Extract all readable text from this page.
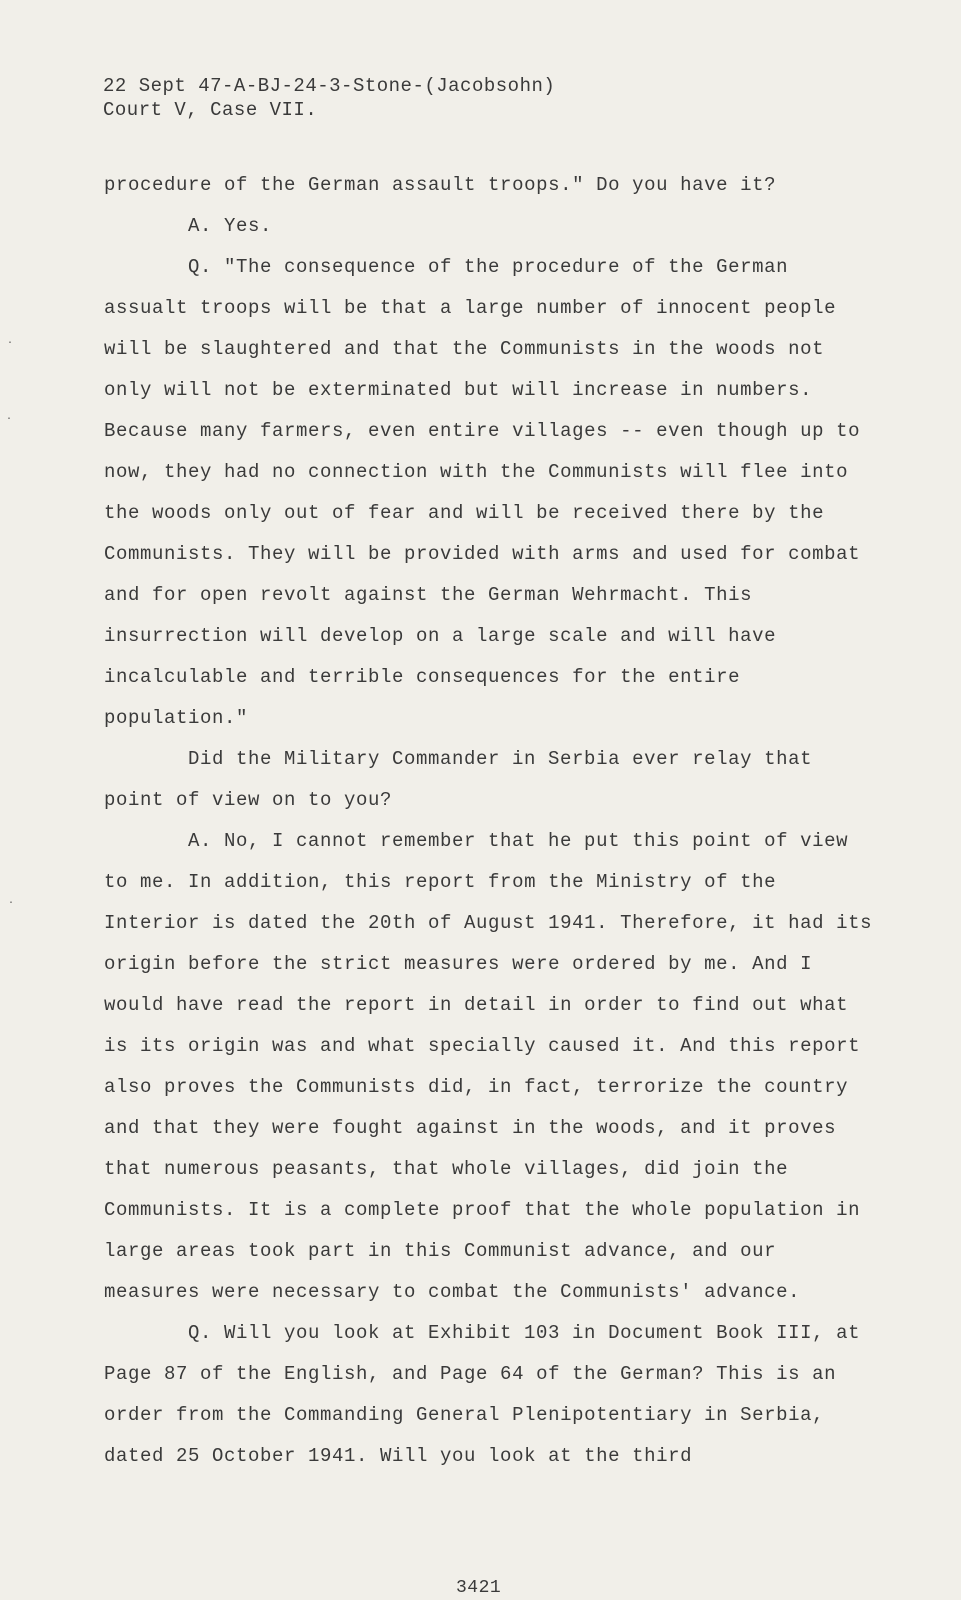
22 Sept 47-A-BJ-24-3-Stone-(Jacobsohn)
Court V, Case VII.

procedure of the German assault troops." Do you have it?

A. Yes.

Q. "The consequence of the procedure of the German assualt troops will be that a large number of innocent people will be slaughtered and that the Communists in the woods not only will not be exterminated but will increase in numbers. Because many farmers, even entire villages -- even though up to now, they had no connection with the Communists will flee into the woods only out of fear and will be received there by the Communists. They will be provided with arms and used for combat and for open revolt against the German Wehrmacht. This insurrection will develop on a large scale and will have incalculable and terrible consequences for the entire population."

Did the Military Commander in Serbia ever relay that point of view on to you?

A. No, I cannot remember that he put this point of view to me. In addition, this report from the Ministry of the Interior is dated the 20th of August 1941. Therefore, it had its origin before the strict measures were ordered by me. And I would have read the report in detail in order to find out what is its origin was and what specially caused it. And this report also proves the Communists did, in fact, terrorize the country and that they were fought against in the woods, and it proves that numerous peasants, that whole villages, did join the Communists. It is a complete proof that the whole population in large areas took part in this Communist advance, and our measures were necessary to combat the Communists' advance.

Q. Will you look at Exhibit 103 in Document Book III, at Page 87 of the English, and Page 64 of the German? This is an order from the Commanding General Plenipotentiary in Serbia, dated 25 October 1941. Will you look at the third

3421
·
·
·
